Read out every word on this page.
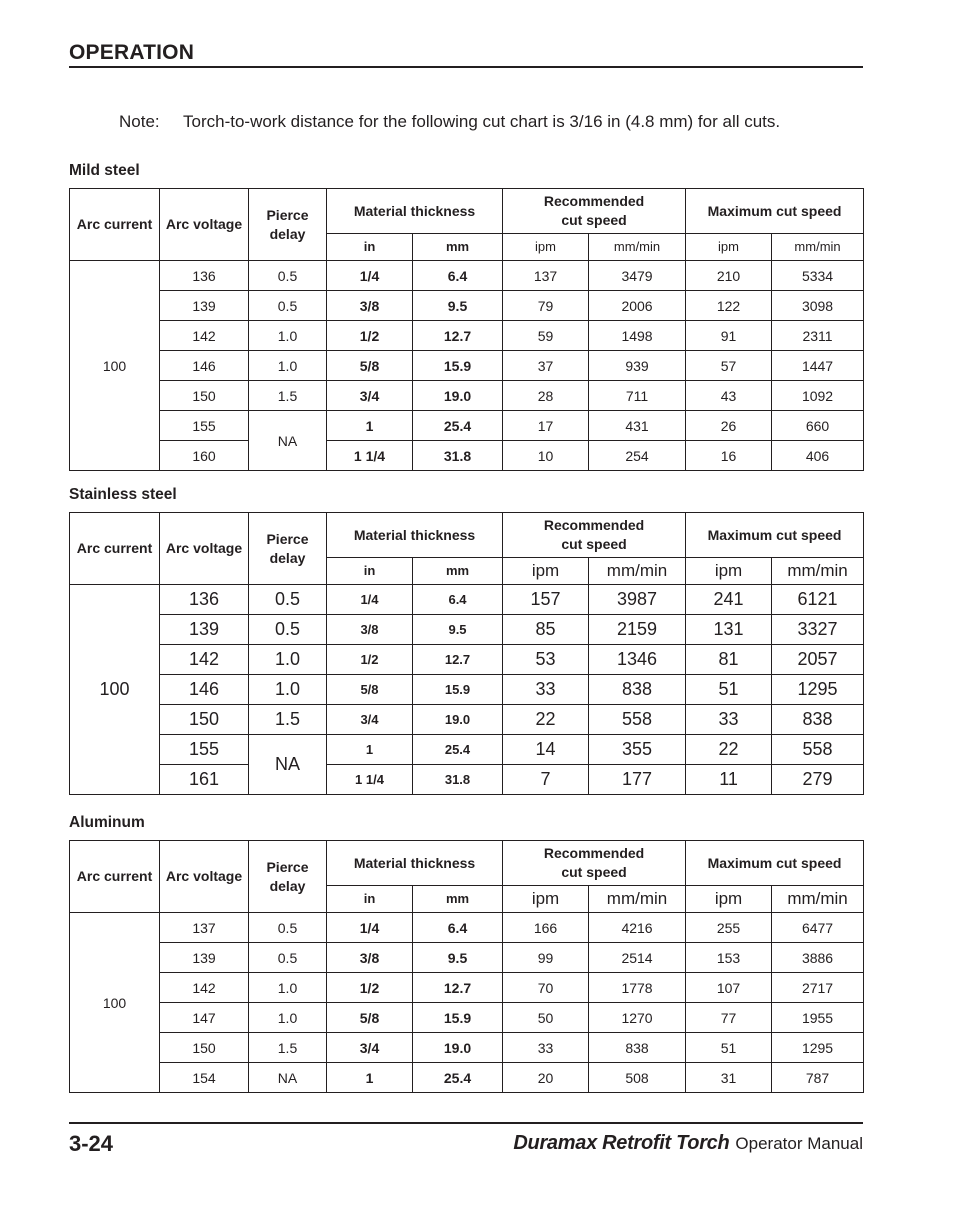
OPERATION
Note: Torch-to-work distance for the following cut chart is 3/16 in (4.8 mm) for all cuts.
Mild steel
Arc current	Arc voltage	Pierce delay	Material thickness		Recommended cut speed		Maximum cut speed	
			in	mm	ipm	mm/min	ipm	mm/min
100	136	0.5	1/4	6.4	137	3479	210	5334
	139	0.5	3/8	9.5	79	2006	122	3098
	142	1.0	1/2	12.7	59	1498	91	2311
	146	1.0	5/8	15.9	37	939	57	1447
	150	1.5	3/4	19.0	28	711	43	1092
	155	NA	1	25.4	17	431	26	660
	160		1 1/4	31.8	10	254	16	406
Stainless steel
Arc current	Arc voltage	Pierce delay	Material thickness		Recommended cut speed		Maximum cut speed	
			in	mm	ipm	mm/min	ipm	mm/min
100	136	0.5	1/4	6.4	157	3987	241	6121
	139	0.5	3/8	9.5	85	2159	131	3327
	142	1.0	1/2	12.7	53	1346	81	2057
	146	1.0	5/8	15.9	33	838	51	1295
	150	1.5	3/4	19.0	22	558	33	838
	155	NA	1	25.4	14	355	22	558
	161		1 1/4	31.8	7	177	11	279
Aluminum
Arc current	Arc voltage	Pierce delay	Material thickness		Recommended cut speed		Maximum cut speed	
			in	mm	ipm	mm/min	ipm	mm/min
100	137	0.5	1/4	6.4	166	4216	255	6477
	139	0.5	3/8	9.5	99	2514	153	3886
	142	1.0	1/2	12.7	70	1778	107	2717
	147	1.0	5/8	15.9	50	1270	77	1955
	150	1.5	3/4	19.0	33	838	51	1295
	154	NA	1	25.4	20	508	31	787
3-24	Duramax Retrofit Torch Operator Manual
